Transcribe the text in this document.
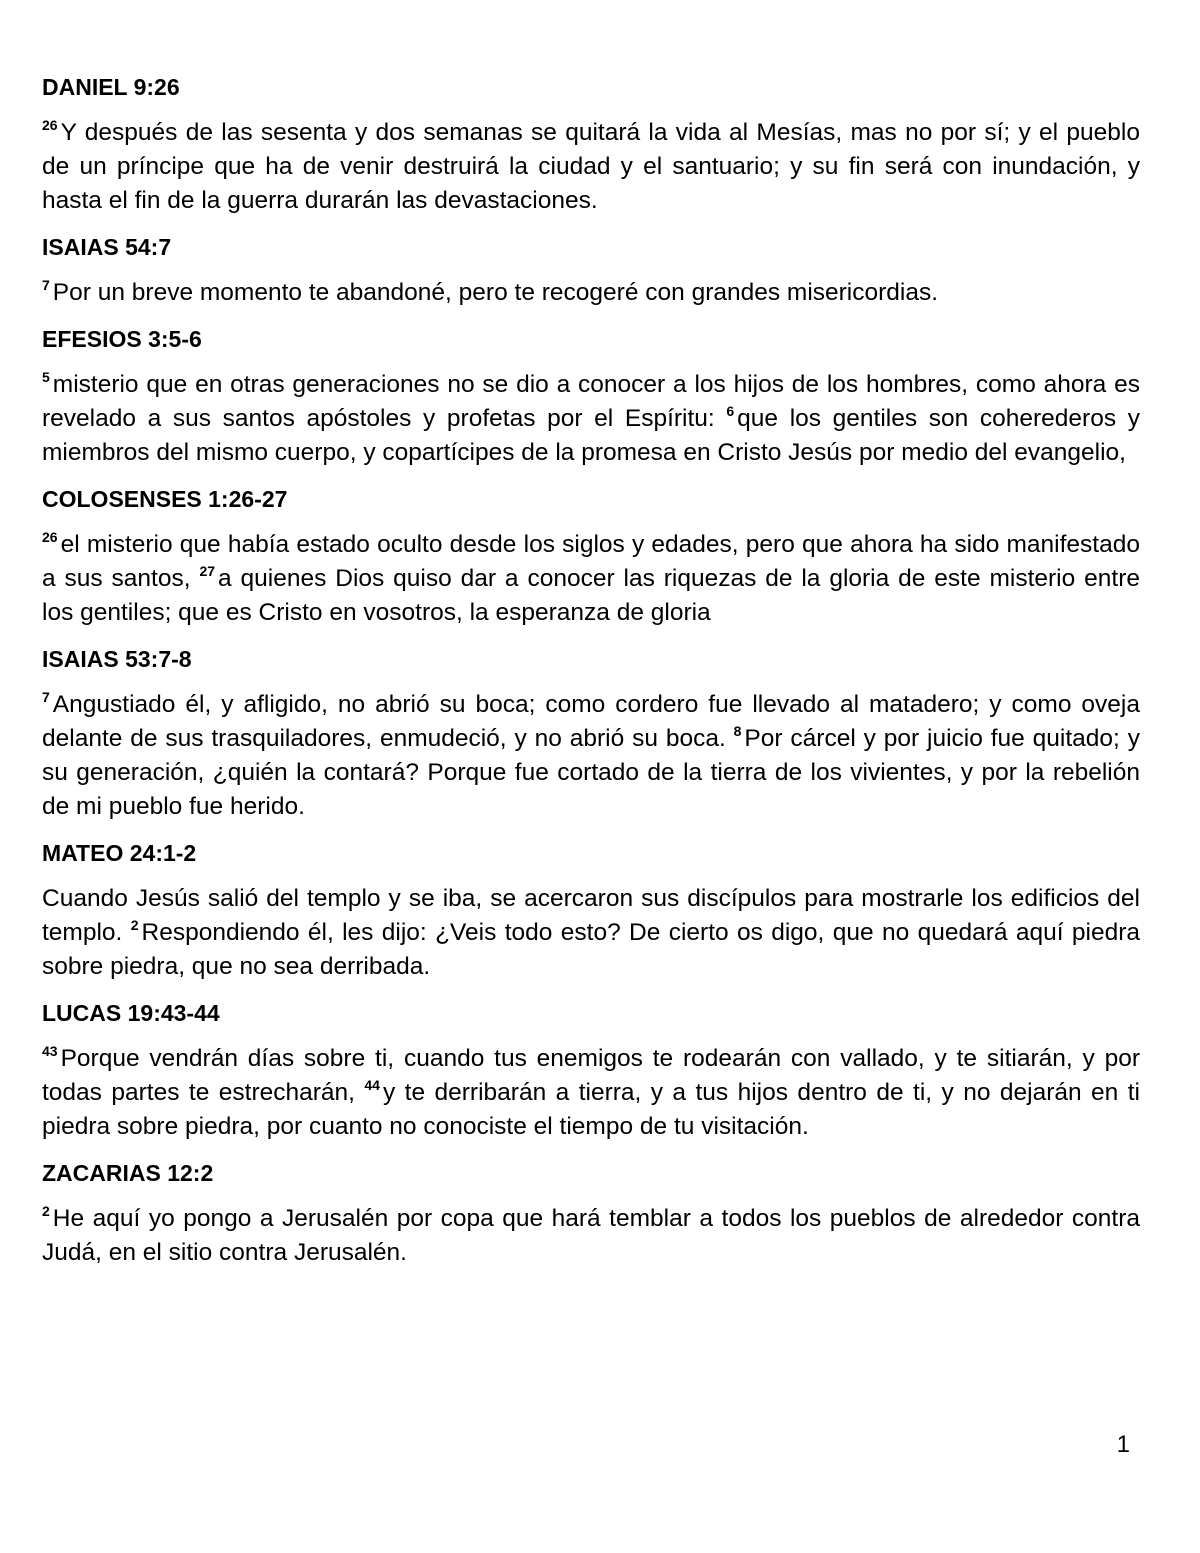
DANIEL 9:26

$^{26}$ Y después de las sesenta y dos semanas se quitará la vida al Mesías, mas no por sí; y el pueblo de un príncipe que ha de venir destruirá la ciudad y el santuario; y su fin será con inundación, y hasta el fin de la guerra durarán las devastaciones.

ISAIAS 54:7

$^7$ Por un breve momento te abandoné, pero te recogeré con grandes misericordias.

EFESIOS 3:5-6

$^5$ misterio que en otras generaciones no se dio a conocer a los hijos de los hombres, como ahora es revelado a sus santos apóstoles y profetas por el Espíritu: $^6$ que los gentiles son coherederos y miembros del mismo cuerpo, y copartícipes de la promesa en Cristo Jesús por medio del evangelio,

COLOSENSES 1:26-27

$^{26}$ el misterio que había estado oculto desde los siglos y edades, pero que ahora ha sido manifestado a sus santos, $^{27}$ a quienes Dios quiso dar a conocer las riquezas de la gloria de este misterio entre los gentiles; que es Cristo en vosotros, la esperanza de gloria

ISAIAS 53:7-8

$^7$ Angustiado él, y afligido, no abrió su boca; como cordero fue llevado al matadero; y como oveja delante de sus trasquiladores, enmudeció, y no abrió su boca. $^8$ Por cárcel y por juicio fue quitado; y su generación, ¿quién la contará? Porque fue cortado de la tierra de los vivientes, y por la rebelión de mi pueblo fue herido.

MATEO 24:1-2

Cuando Jesús salió del templo y se iba, se acercaron sus discípulos para mostrarle los edificios del templo. $^2$ Respondiendo él, les dijo: ¿Veis todo esto? De cierto os digo, que no quedará aquí piedra sobre piedra, que no sea derribada.

LUCAS 19:43-44

$^{43}$ Porque vendrán días sobre ti, cuando tus enemigos te rodearán con vallado, y te sitiarán, y por todas partes te estrecharán, $^{44}$ y te derribarán a tierra, y a tus hijos dentro de ti, y no dejarán en ti piedra sobre piedra, por cuanto no conociste el tiempo de tu visitación.

ZACARIAS 12:2

$^2$ He aquí yo pongo a Jerusalén por copa que hará temblar a todos los pueblos de alrededor contra Judá, en el sitio contra Jerusalén.

1
